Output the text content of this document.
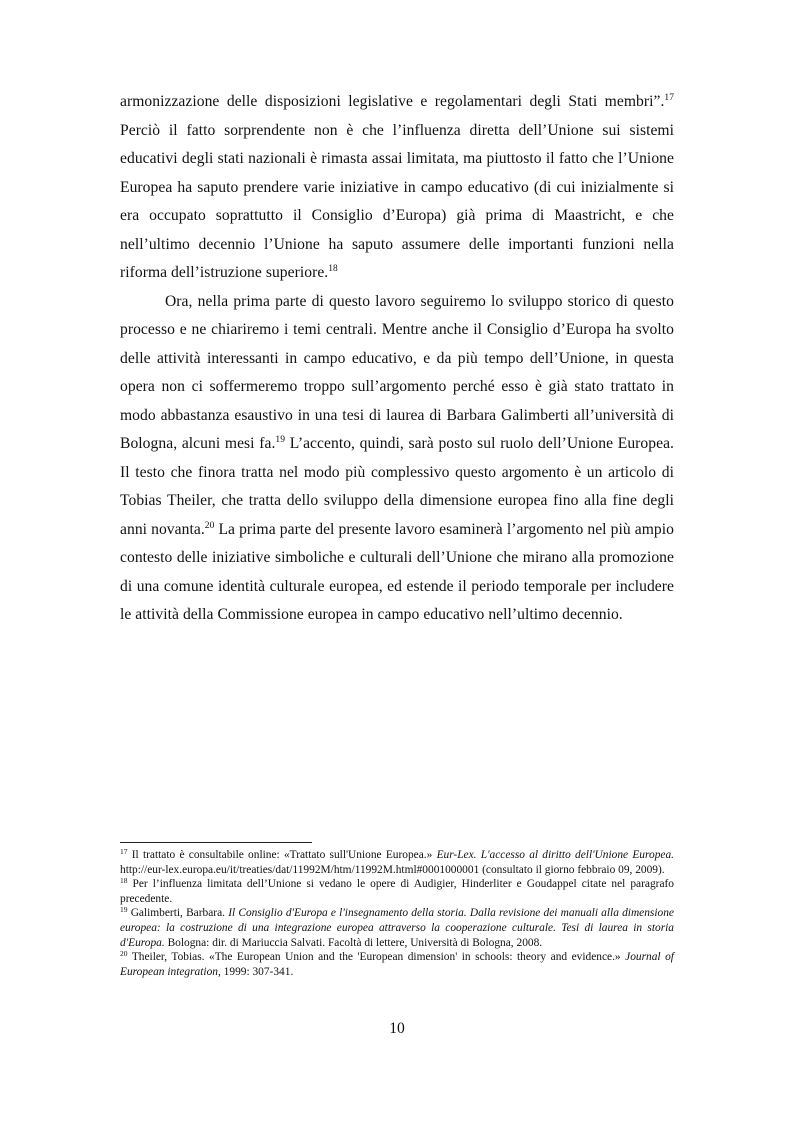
armonizzazione delle disposizioni legislative e regolamentari degli Stati membri”.$^{17}$ Perciò il fatto sorprendente non è che l’influenza diretta dell’Unione sui sistemi educativi degli stati nazionali è rimasta assai limitata, ma piuttosto il fatto che l’Unione Europea ha saputo prendere varie iniziative in campo educativo (di cui inizialmente si era occupato soprattutto il Consiglio d’Europa) già prima di Maastricht, e che nell’ultimo decennio l’Unione ha saputo assumere delle importanti funzioni nella riforma dell’istruzione superiore.$^{18}$

Ora, nella prima parte di questo lavoro seguiremo lo sviluppo storico di questo processo e ne chiariremo i temi centrali. Mentre anche il Consiglio d’Europa ha svolto delle attività interessanti in campo educativo, e da più tempo dell’Unione, in questa opera non ci soffermeremo troppo sull’argomento perché esso è già stato trattato in modo abbastanza esaustivo in una tesi di laurea di Barbara Galimberti all’università di Bologna, alcuni mesi fa.$^{19}$ L’accento, quindi, sarà posto sul ruolo dell’Unione Europea. Il testo che finora tratta nel modo più complessivo questo argomento è un articolo di Tobias Theiler, che tratta dello sviluppo della dimensione europea fino alla fine degli anni novanta.$^{20}$ La prima parte del presente lavoro esaminerà l’argomento nel più ampio contesto delle iniziative simboliche e culturali dell’Unione che mirano alla promozione di una comune identità culturale europea, ed estende il periodo temporale per includere le attività della Commissione europea in campo educativo nell’ultimo decennio.

$^{17}$ Il trattato è consultabile online: «Trattato sull'Unione Europea.» Eur-Lex. L'accesso al diritto dell'Unione Europea. http://eur-lex.europa.eu/it/treaties/dat/11992M/htm/11992M.html#0001000001 (consultato il giorno febbraio 09, 2009).

$^{18}$ Per l’influenza limitata dell’Unione si vedano le opere di Audigier, Hinderliter e Goudappel citate nel paragrafo precedente.

$^{19}$ Galimberti, Barbara. Il Consiglio d'Europa e l'insegnamento della storia. Dalla revisione dei manuali alla dimensione europea: la costruzione di una integrazione europea attraverso la cooperazione culturale. Tesi di laurea in storia d'Europa. Bologna: dir. di Mariuccia Salvati. Facoltà di lettere, Università di Bologna, 2008.

$^{20}$ Theiler, Tobias. «The European Union and the 'European dimension' in schools: theory and evidence.» Journal of European integration, 1999: 307-341.

10
